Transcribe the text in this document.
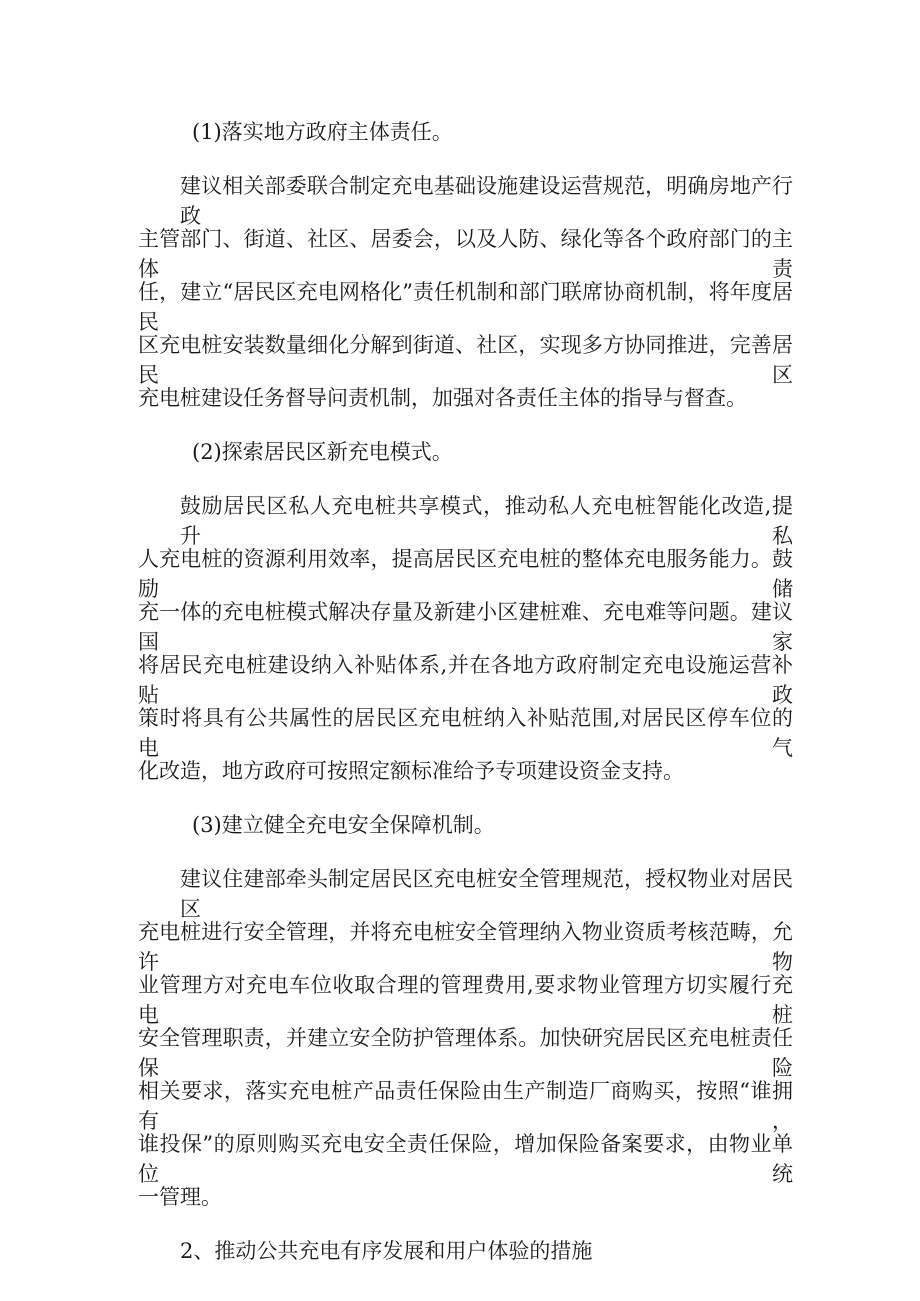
(1)落实地方政府主体责任。
建议相关部委联合制定充电基础设施建设运营规范，明确房地产行政
主管部门、街道、社区、居委会，以及人防、绿化等各个政府部门的主体责
任，建立“居民区充电网格化”责任机制和部门联席协商机制，将年度居民
区充电桩安装数量细化分解到街道、社区，实现多方协同推进，完善居民区
充电桩建设任务督导问责机制，加强对各责任主体的指导与督查。
(2)探索居民区新充电模式。
鼓励居民区私人充电桩共享模式，推动私人充电桩智能化改造,提升私
人充电桩的资源利用效率，提高居民区充电桩的整体充电服务能力。鼓励储
充一体的充电桩模式解决存量及新建小区建桩难、充电难等问题。建议国家
将居民充电桩建设纳入补贴体系,并在各地方政府制定充电设施运营补贴政
策时将具有公共属性的居民区充电桩纳入补贴范围,对居民区停车位的电气
化改造，地方政府可按照定额标准给予专项建设资金支持。
(3)建立健全充电安全保障机制。
建议住建部牵头制定居民区充电桩安全管理规范，授权物业对居民区
充电桩进行安全管理，并将充电桩安全管理纳入物业资质考核范畴，允许物
业管理方对充电车位收取合理的管理费用,要求物业管理方切实履行充电桩
安全管理职责，并建立安全防护管理体系。加快研究居民区充电桩责任保险
相关要求，落实充电桩产品责任保险由生产制造厂商购买，按照“谁拥有，
谁投保”的原则购买充电安全责任保险，增加保险备案要求，由物业单位统
一管理。
2、推动公共充电有序发展和用户体验的措施
